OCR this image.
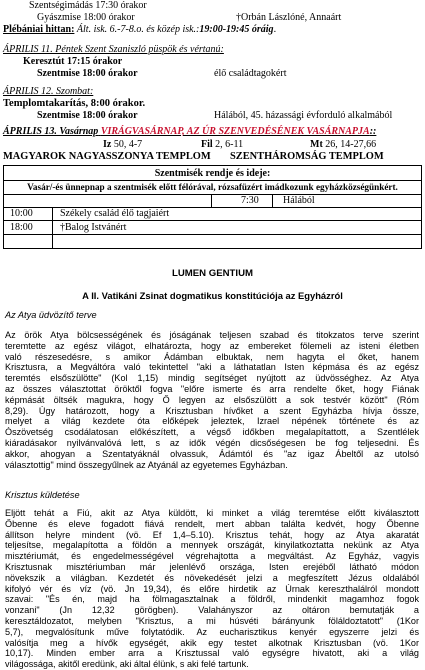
Szentségimádás 17:30 órakor
Gyászmise 18:00 órakor	†Orbán Lászlóné, Annaárt
Plébániai hittan: Ált. isk. 6.-7-8.o. és közép isk.:19:00-19:45 óráig.
ÁPRILIS 11. Péntek Szent Szaniszló püspök és vértanú:
Keresztút 17:15 órakor
Szentmise 18:00 órakor	élő családtagokért
ÁPRILIS 12. Szombat:
Templomtakarítás, 8:00 órakor.
Szentmise 18:00 órakor	Hálából, 45. házassági évforduló alkalmából
ÁPRILIS 13. Vasárnap VIRÁGVASÁRNAP, AZ ÚR SZENVEDÉSÉNEK VASÁRNAPJA::
Iz 50, 4-7	Fil 2, 6-11	Mt 26, 14-27,66
MAGYAROK NAGYASSZONYA TEMPLOM SZENTHÁROMSÁG TEMPLOM
Szentmisék rendje és ideje:
Vasár/-és ünnepnap a szentmisék előtt félórával, rózsafüzért imádkozunk egyházközségünkért.
7:30 Hálából
10:00	Székely család élő tagjaiért
18:00	†Balog Istvánért
LUMEN GENTIUM
A II. Vatikáni Zsinat dogmatikus konstitúciója az Egyházról
Az Atya üdvözítő terve
Az örök Atya bölcsességének és jóságának teljesen szabad és titokzatos terve szerint
teremtette az egész világot, elhatározta, hogy az embereket fölemeli az isteni életben
való részesedésre, s amikor Ádámban elbuktak, nem hagyta el őket, hanem
Krisztusra, a Megváltóra való tekintettel "aki a láthatatlan Isten képmása és az egész
teremtés elsőszülötte" (Kol 1,15) mindig segítséget nyújtott az üdvösséghez. Az Atya
az összes választottat öröktől fogva "előre ismerte és arra rendelte őket, hogy Fiának
képmását öltsék magukra, hogy Ő legyen az elsőszülött a sok testvér között" (Róm
8,29). Úgy határozott, hogy a Krisztusban hívőket a szent Egyházba hívja össze,
melyet a világ kezdete óta előképek jeleztek, Izrael népének története és az
Ószövetség csodálatosan előkészített, a végső időkben megalapítattott, a Szentlélek
kiáradásakor nyilvánvalóvá lett, s az idők végén dicsőségesen be fog teljesedni. És
akkor, ahogyan a Szentatyáknál olvassuk, Ádámtól és "az igaz Ábeltől az utolsó
választottig" mind összegyűlnek az Atyánál az egyetemes Egyházban.
Krisztus küldetése
Eljött tehát a Fiú, akit az Atya küldött, ki minket a világ teremtése előtt kiválasztott
Őbenne és eleve fogadott fiává rendelt, mert abban találta kedvét, hogy Őbenne
állítson helyre mindent (vö. Ef 1,4–5.10). Krisztus tehát, hogy az Atya akaratát
teljesítse, megalapította a földön a mennyek országát, kinyilatkoztatta nekünk az Atya
misztériumát, és engedelmességével végrehajtotta a megváltást. Az Egyház, vagyis
Krisztusnak misztériumban már jelenlévő országa, Isten erejéből látható módon
növekszik a világban. Kezdetét és növekedését jelzi a megfeszített Jézus oldalából
kifolyó vér és víz (vö. Jn 19,34), és előre hirdetik az Úrnak kereszthalálról mondott
szavai: "És én, majd ha fölmagasztalnak a földről, mindenkit magamhoz fogok
vonzani" (Jn 12,32 görögben). Valahányszor az oltáron bemutatják a
keresztáldozatot, melyben "Krisztus, a mi húsvéti bárányunk föláldoztatott" (1Kor
5,7), megvalósítunk műve folytatódik. Az eucharisztikus kenyér egyszerre jelzi és
valósítja meg a hívők egységét, akik egy testet alkotnak Krisztusban (vö. 1Kor
10,17). Minden ember arra a Krisztussal való egységre hivatott, aki a világ
világossága, akitől eredünk, aki által élünk, s aki felé tartunk.
